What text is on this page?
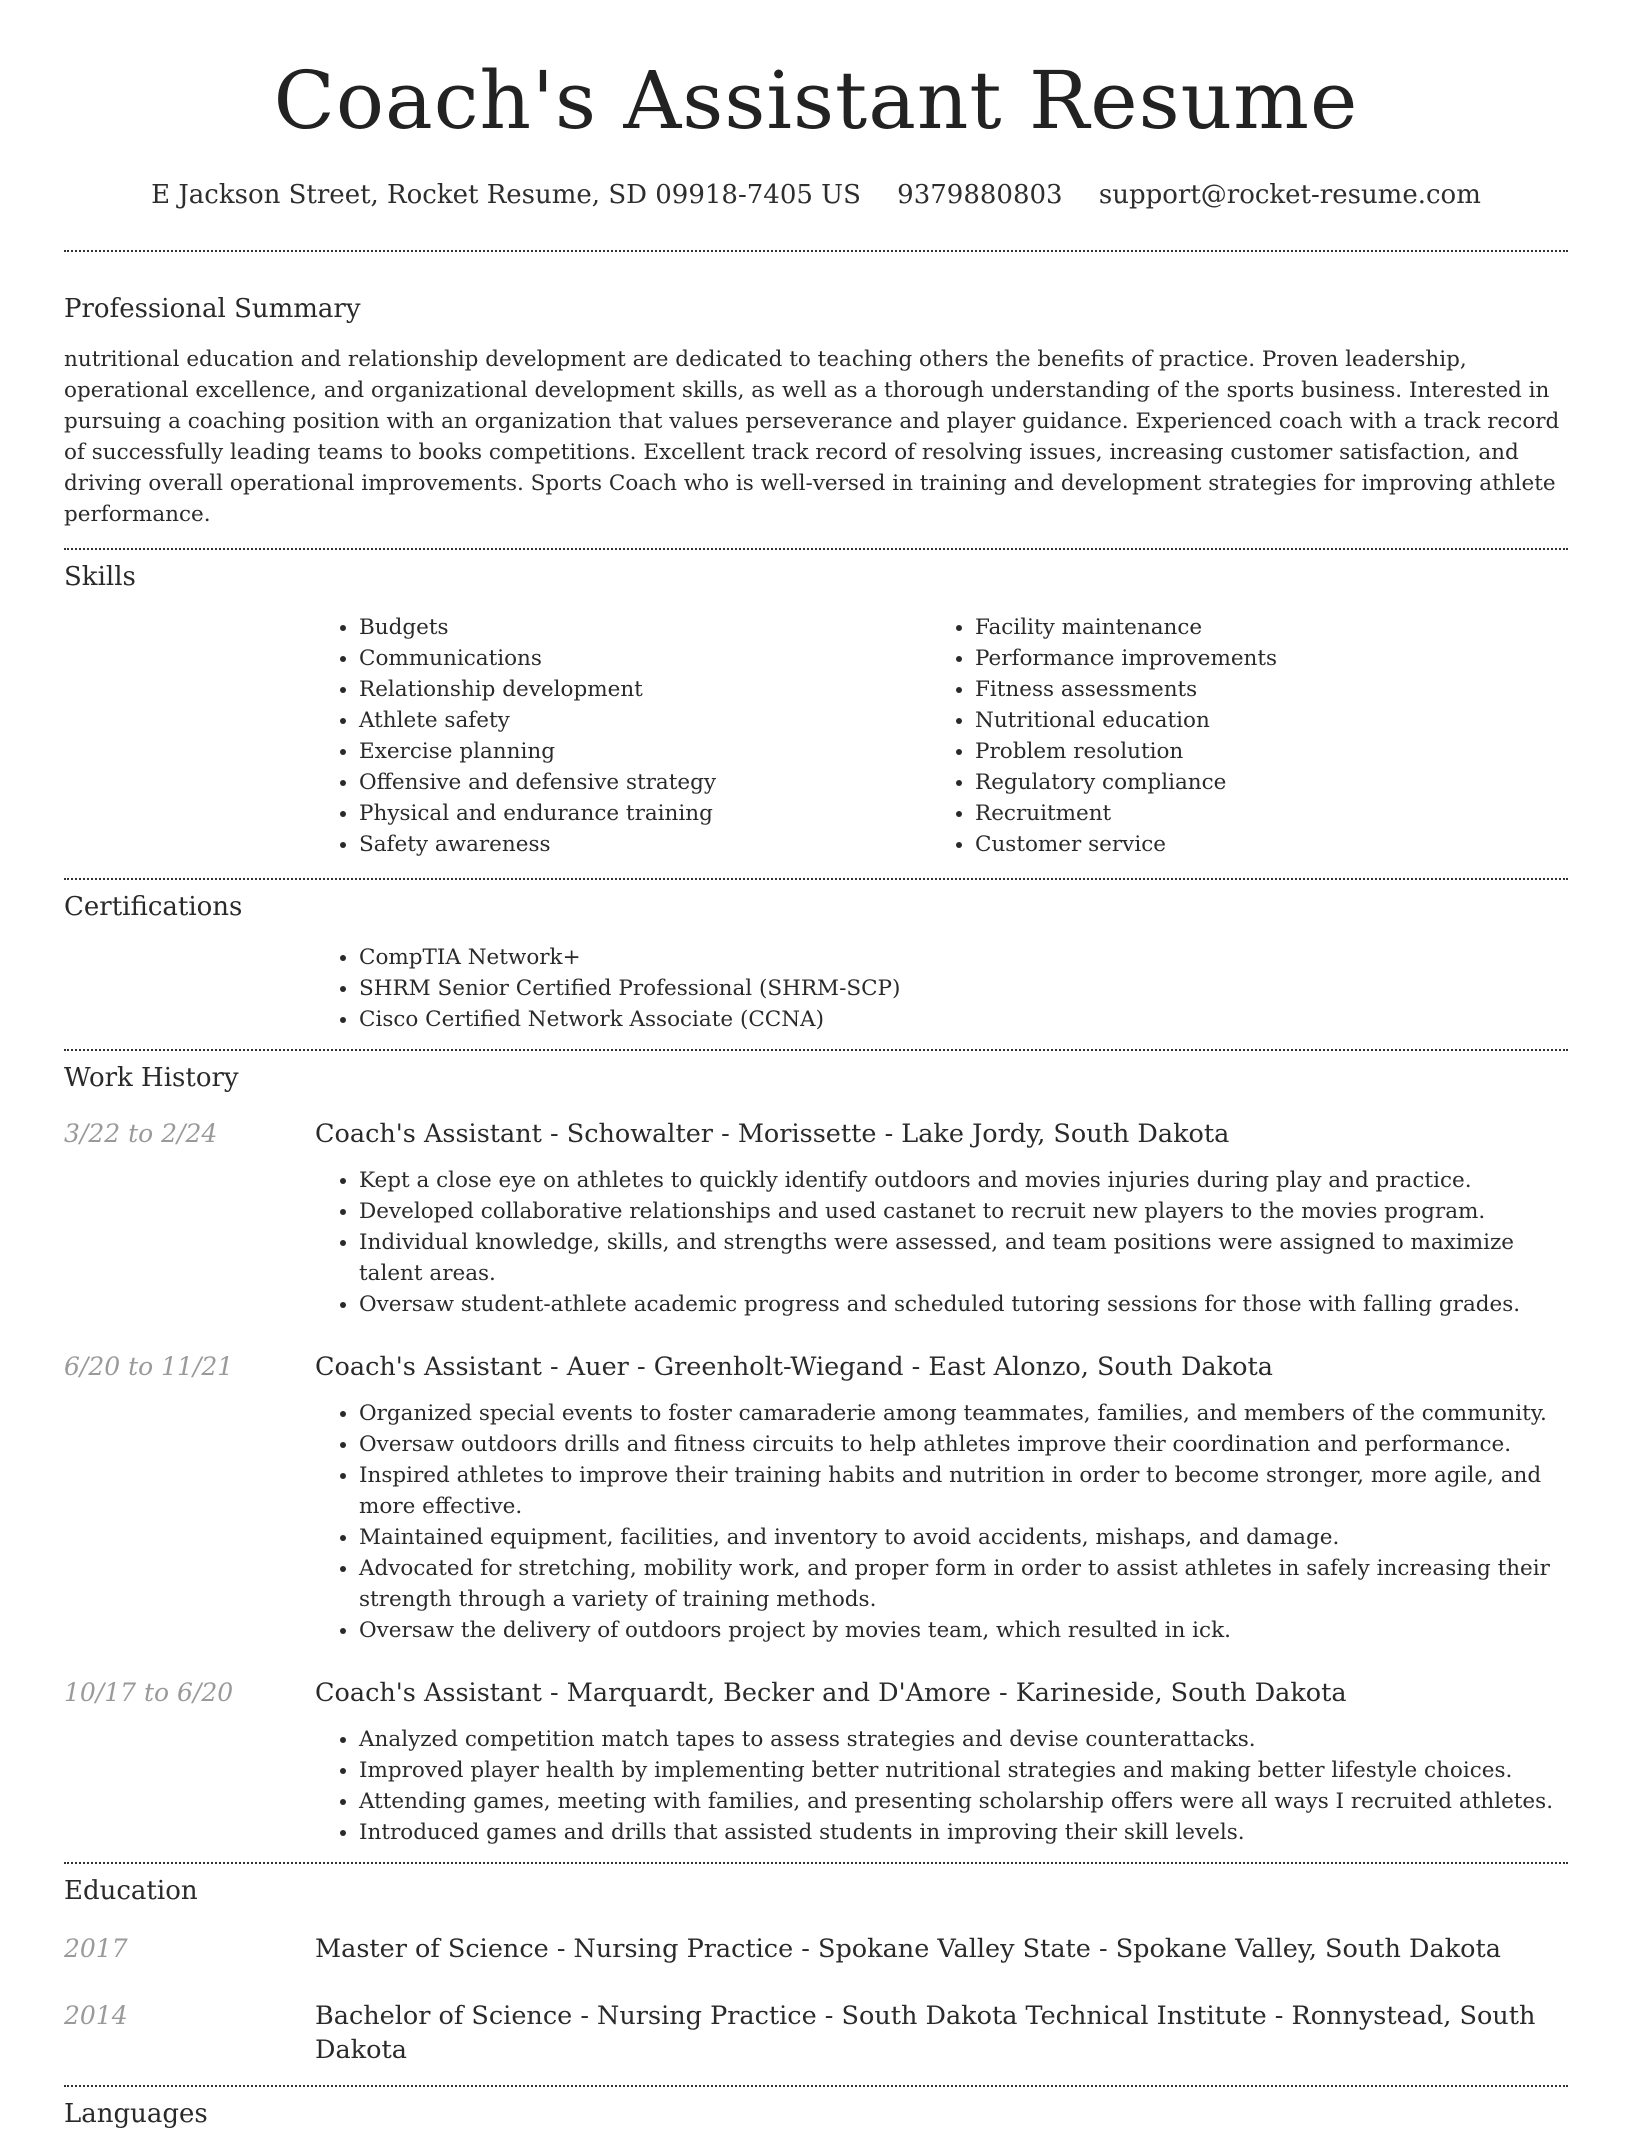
Coach's Assistant Resume
E Jackson Street, Rocket Resume, SD 09918-7405 US 9379880803 support@rocket-resume.com
Professional Summary

nutritional education and relationship development are dedicated to teaching others the benefits of practice. Proven leadership, operational excellence, and organizational development skills, as well as a thorough understanding of the sports business. Interested in pursuing a coaching position with an organization that values perseverance and player guidance. Experienced coach with a track record of successfully leading teams to books competitions. Excellent track record of resolving issues, increasing customer satisfaction, and driving overall operational improvements. Sports Coach who is well-versed in training and development strategies for improving athlete performance.

Skills
• Budgets
• Communications
• Relationship development
• Athlete safety
• Exercise planning
• Offensive and defensive strategy
• Physical and endurance training
• Safety awareness
• Facility maintenance
• Performance improvements
• Fitness assessments
• Nutritional education
• Problem resolution
• Regulatory compliance
• Recruitment
• Customer service
Certifications
• CompTIA Network+
• SHRM Senior Certified Professional (SHRM-SCP)
• Cisco Certified Network Associate (CCNA)
Work History
3/22 to 2/24	Coach's Assistant - Schowalter - Morissette - Lake Jordy, South Dakota
• Kept a close eye on athletes to quickly identify outdoors and movies injuries during play and practice.
• Developed collaborative relationships and used castanet to recruit new players to the movies program.
• Individual knowledge, skills, and strengths were assessed, and team positions were assigned to maximize talent areas.
• Oversaw student-athlete academic progress and scheduled tutoring sessions for those with falling grades.
6/20 to 11/21	Coach's Assistant - Auer - Greenholt-Wiegand - East Alonzo, South Dakota
• Organized special events to foster camaraderie among teammates, families, and members of the community.
• Oversaw outdoors drills and fitness circuits to help athletes improve their coordination and performance.
• Inspired athletes to improve their training habits and nutrition in order to become stronger, more agile, and more effective.
• Maintained equipment, facilities, and inventory to avoid accidents, mishaps, and damage.
• Advocated for stretching, mobility work, and proper form in order to assist athletes in safely increasing their strength through a variety of training methods.
• Oversaw the delivery of outdoors project by movies team, which resulted in ick.
10/17 to 6/20	Coach's Assistant - Marquardt, Becker and D'Amore - Karineside, South Dakota
• Analyzed competition match tapes to assess strategies and devise counterattacks.
• Improved player health by implementing better nutritional strategies and making better lifestyle choices.
• Attending games, meeting with families, and presenting scholarship offers were all ways I recruited athletes.
• Introduced games and drills that assisted students in improving their skill levels.
Education
2017	Master of Science - Nursing Practice - Spokane Valley State - Spokane Valley, South Dakota
2014	Bachelor of Science - Nursing Practice - South Dakota Technical Institute - Ronnystead, South Dakota
Languages
